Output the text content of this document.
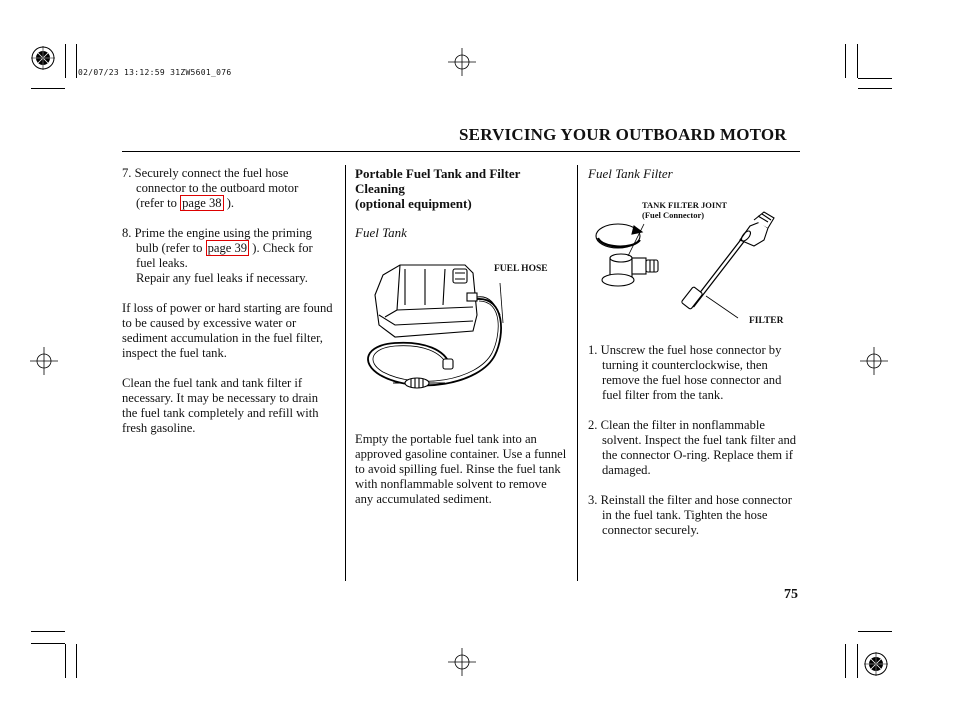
02/07/23 13:12:59 31ZW5601_076
SERVICING YOUR OUTBOARD MOTOR

7. Securely connect the fuel hose
connector to the outboard motor
(refer to page 38 ).

8. Prime the engine using the priming
bulb (refer to page 39 ). Check for
fuel leaks.
Repair any fuel leaks if necessary.

If loss of power or hard starting are found to be caused by excessive water or sediment accumulation in the fuel filter, inspect the fuel tank.

Clean the fuel tank and tank filter if necessary. It may be necessary to drain the fuel tank completely and refill with fresh gasoline.

Portable Fuel Tank and Filter
Cleaning
(optional equipment)
Fuel Tank
FUEL HOSE

Empty the portable fuel tank into an approved gasoline container. Use a funnel to avoid spilling fuel. Rinse the fuel tank with nonflammable solvent to remove any accumulated sediment.

Fuel Tank Filter
TANK FILTER JOINT
(Fuel Connector)
FILTER

1. Unscrew the fuel hose connector by turning it counterclockwise, then remove the fuel hose connector and fuel filter from the tank.

2. Clean the filter in nonflammable solvent. Inspect the fuel tank filter and the connector O-ring. Replace them if damaged.

3. Reinstall the filter and hose connector in the fuel tank. Tighten the hose connector securely.

75
